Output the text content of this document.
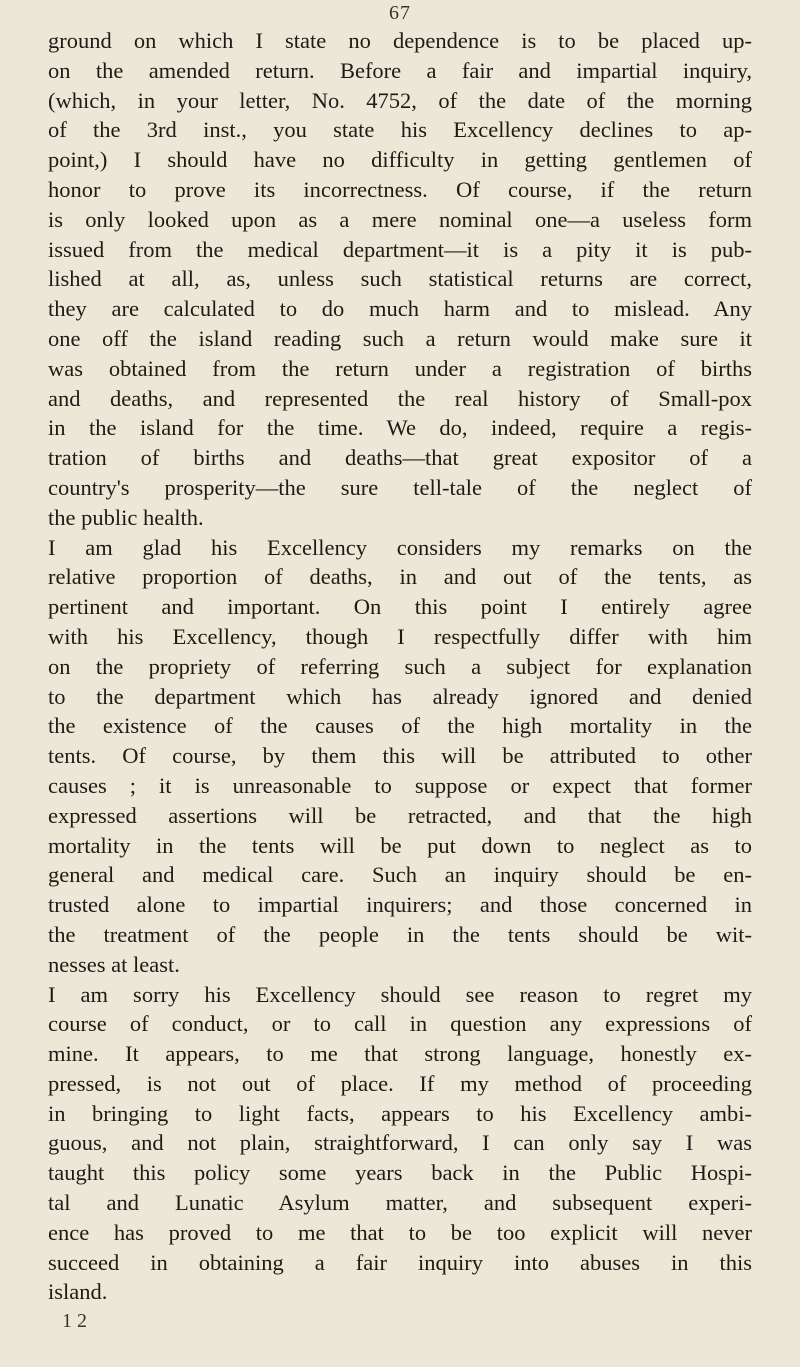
67
ground on which I state no dependence is to be placed up-
on the amended return. Before a fair and impartial inquiry,
(which, in your letter, No. 4752, of the date of the morning
of the 3rd inst., you state his Excellency declines to ap-
point,) I should have no difficulty in getting gentlemen of
honor to prove its incorrectness. Of course, if the return
is only looked upon as a mere nominal one—a useless form
issued from the medical department—it is a pity it is pub-
lished at all, as, unless such statistical returns are correct,
they are calculated to do much harm and to mislead. Any
one off the island reading such a return would make sure it
was obtained from the return under a registration of births
and deaths, and represented the real history of Small-pox
in the island for the time. We do, indeed, require a regis-
tration of births and deaths—that great expositor of a
country's prosperity—the sure tell-tale of the neglect of
the public health.
I am glad his Excellency considers my remarks on the
relative proportion of deaths, in and out of the tents, as
pertinent and important. On this point I entirely agree
with his Excellency, though I respectfully differ with him
on the propriety of referring such a subject for explanation
to the department which has already ignored and denied
the existence of the causes of the high mortality in the
tents. Of course, by them this will be attributed to other
causes ; it is unreasonable to suppose or expect that former
expressed assertions will be retracted, and that the high
mortality in the tents will be put down to neglect as to
general and medical care. Such an inquiry should be en-
trusted alone to impartial inquirers; and those concerned in
the treatment of the people in the tents should be wit-
nesses at least.
I am sorry his Excellency should see reason to regret my
course of conduct, or to call in question any expressions of
mine. It appears, to me that strong language, honestly ex-
pressed, is not out of place. If my method of proceeding
in bringing to light facts, appears to his Excellency ambi-
guous, and not plain, straightforward, I can only say I was
taught this policy some years back in the Public Hospi-
tal and Lunatic Asylum matter, and subsequent experi-
ence has proved to me that to be too explicit will never
succeed in obtaining a fair inquiry into abuses in this
island.
1 2
